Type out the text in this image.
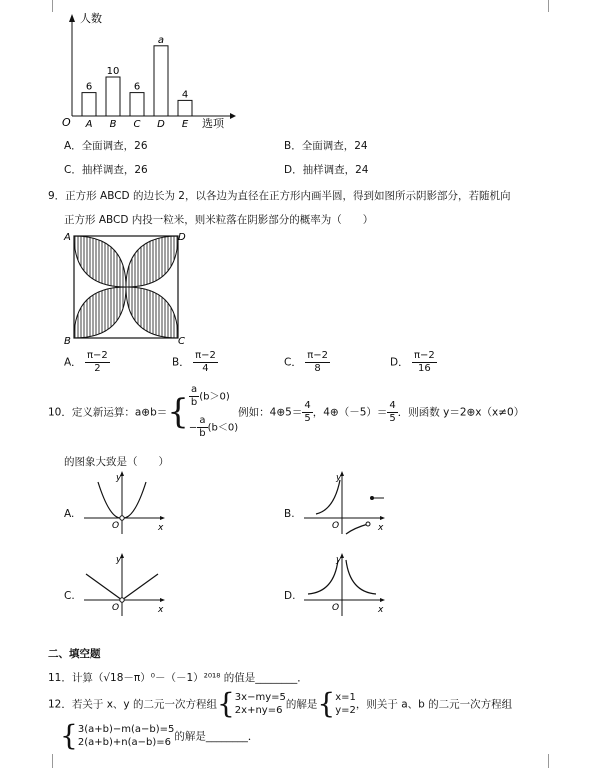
6
A
10
B
6
C
a
D
4
E
人数
选项
O
A．全面调查，26	B．全面调查，24
C．抽样调查，26	D．抽样调查，24
9．正方形 ABCD 的边长为 2，以各边为直径在正方形内画半圆，得到如图所示阴影部分，若随机向
正方形 ABCD 内投一粒米，则米粒落在阴影部分的概率为（　　）
A	D
B	C
A． $\frac{\pi-2}{2}$	B． $\frac{\pi-2}{4}$	C． $\frac{\pi-2}{8}$	D． $\frac{\pi-2}{16}$
10．定义新运算：a⊕b＝{ $\frac{a}{b} (b>0)$
− $\frac{a}{b} (b<0)$
例如：4⊕5＝ $\frac{4}{5}$ ，4⊕（－5）＝ $\frac{4}{5}$ ．则函数 y＝2⊕x（x≠0）
的图象大致是（　　）
A.
y
x
O
B.
y
x
O
C.
y
x
O
D.
y
x
O
二、填空题
11．计算（√18－π）⁰－（－1）²⁰¹⁸ 的值是________．
12．若关于 x、y 的二元一次方程组{ 3x−my=5
2x+ny=6 的解是{ x=1
y=2 ，则关于 a、b 的二元一次方程组
{ 3(a+b)−m(a−b)=5
2(a+b)+n(a−b)=6 的解是________．
